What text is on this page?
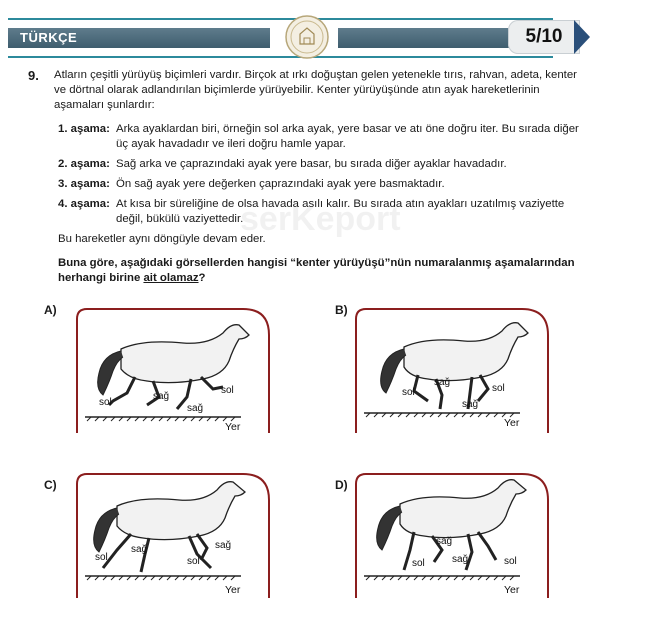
TÜRKÇE	5/10
9. Atların çeşitli yürüyüş biçimleri vardır. Birçok at ırkı doğuştan gelen yetenekle tırıs, rahvan, adeta, kenter ve dörtnal olarak adlandırılan biçimlerde yürüyebilir. Kenter yürüyüşünde atın ayak hareketlerinin aşamaları şunlardır:
1. aşama: Arka ayaklardan biri, örneğin sol arka ayak, yere basar ve atı öne doğru iter. Bu sırada diğer üç ayak havadadır ve ileri doğru hamle yapar.
2. aşama: Sağ arka ve çaprazındaki ayak yere basar, bu sırada diğer ayaklar havadadır.
3. aşama: Ön sağ ayak yere değerken çaprazındaki ayak yere basmaktadır.
4. aşama: At kısa bir süreliğine de olsa havada asılı kalır. Bu sırada atın ayakları uzatılmış vaziyette değil, bükülü vaziyettedir.
Bu hareketler aynı döngüyle devam eder.
Buna göre, aşağıdaki görsellerden hangisi “kenter yürüyüşü”nün numaralanmış aşamalarından herhangi birine ait olamaz?
serKeport
A)	B)
C)	D)
sol
sağ
sol
sağ
Yer
sağ
sol	sol
sağ
Yer
sağ
sol
sağ
sol
Yer
sağ
sol	sağ	sol
Yer
